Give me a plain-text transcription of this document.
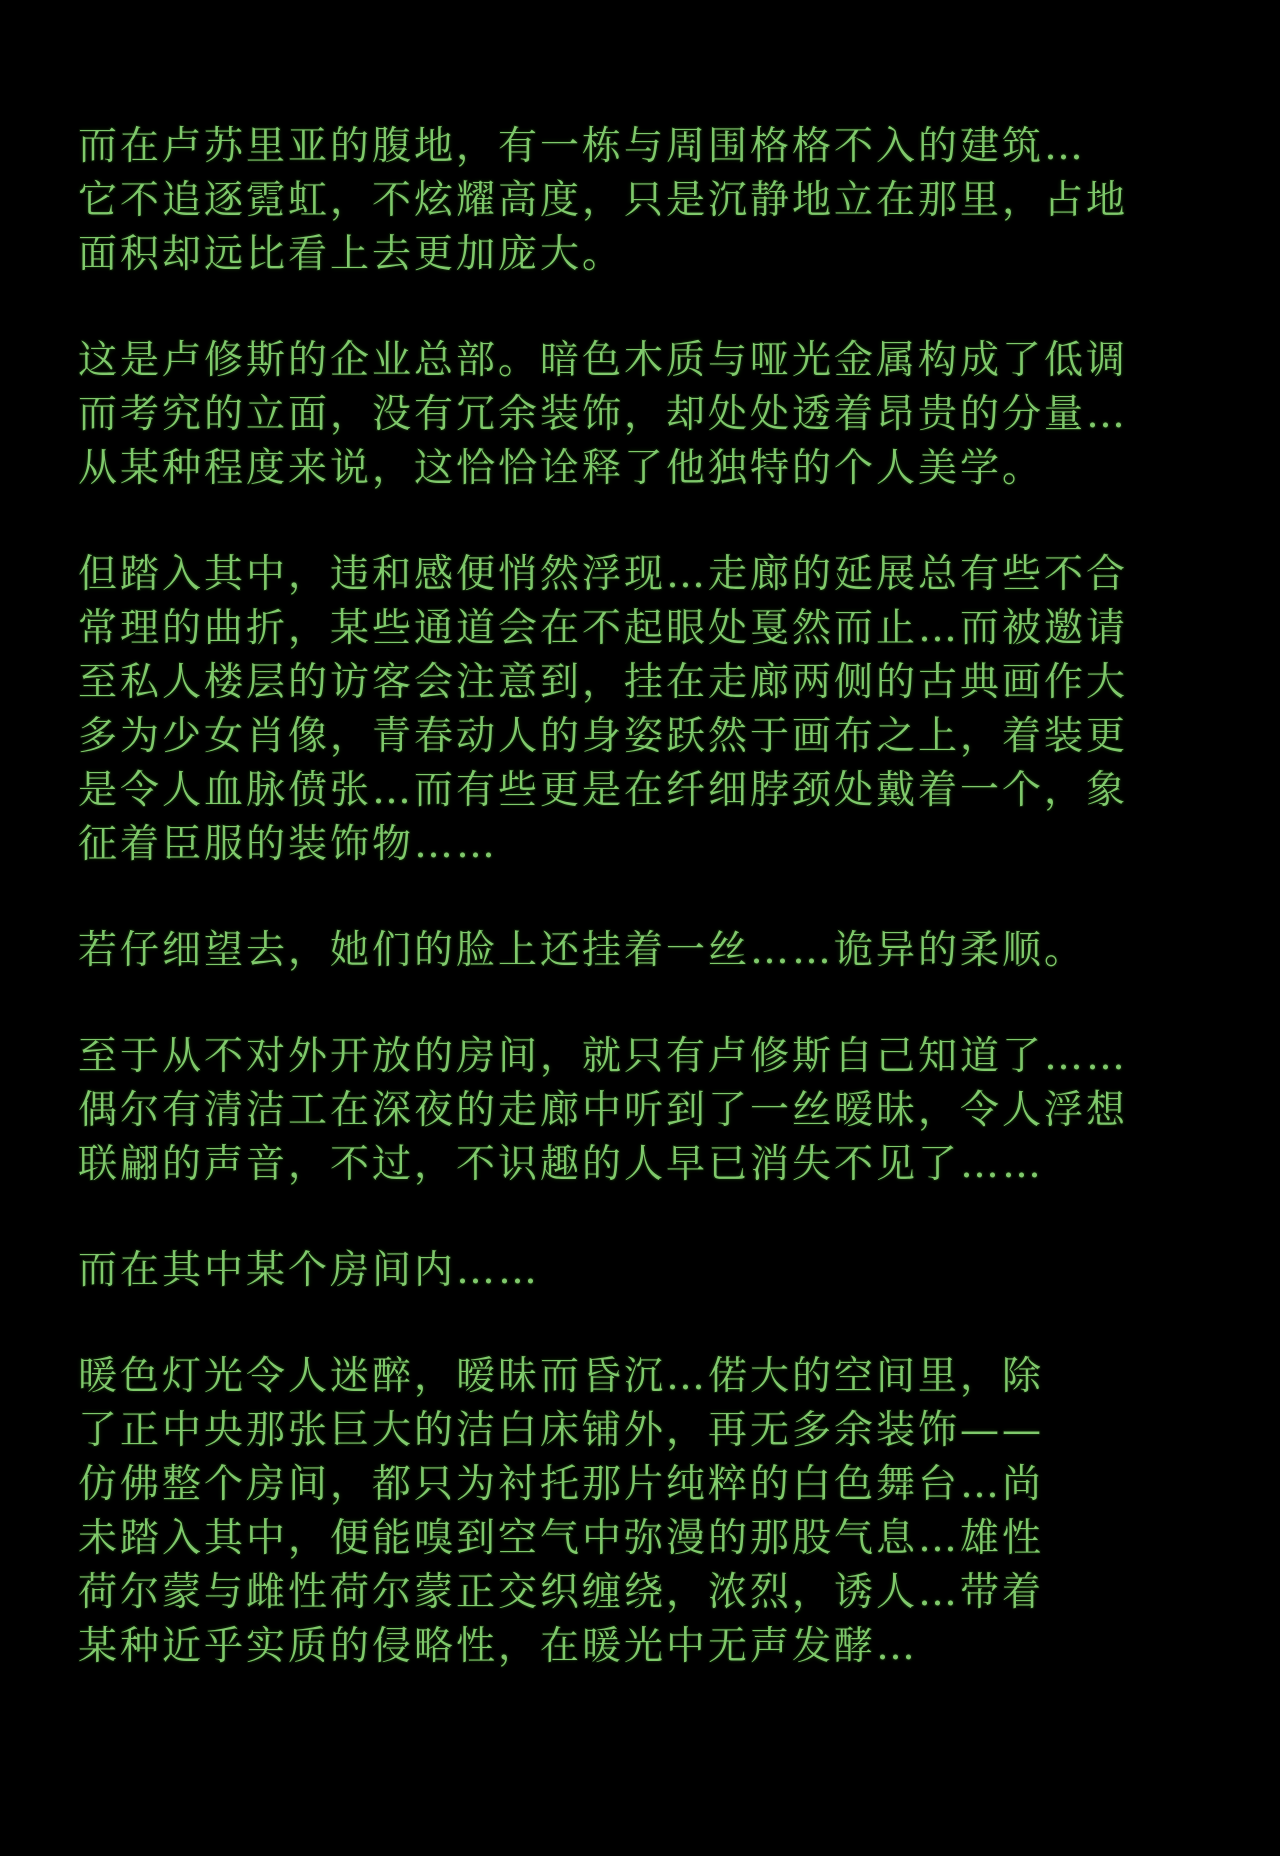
而在卢苏里亚的腹地，有一栋与周围格格不入的建筑…
它不追逐霓虹，不炫耀高度，只是沉静地立在那里，占地
面积却远比看上去更加庞大。
这是卢修斯的企业总部。暗色木质与哑光金属构成了低调
而考究的立面，没有冗余装饰，却处处透着昂贵的分量…
从某种程度来说，这恰恰诠释了他独特的个人美学。
但踏入其中，违和感便悄然浮现…走廊的延展总有些不合
常理的曲折，某些通道会在不起眼处戛然而止…而被邀请
至私人楼层的访客会注意到，挂在走廊两侧的古典画作大
多为少女肖像，青春动人的身姿跃然于画布之上，着装更
是令人血脉偾张…而有些更是在纤细脖颈处戴着一个，象
征着臣服的装饰物……
若仔细望去，她们的脸上还挂着一丝……诡异的柔顺。
至于从不对外开放的房间，就只有卢修斯自己知道了……
偶尔有清洁工在深夜的走廊中听到了一丝暧昧，令人浮想
联翩的声音，不过，不识趣的人早已消失不见了……
而在其中某个房间内……
暖色灯光令人迷醉，暧昧而昏沉…偌大的空间里，除
了正中央那张巨大的洁白床铺外，再无多余装饰——
仿佛整个房间，都只为衬托那片纯粹的白色舞台…尚
未踏入其中，便能嗅到空气中弥漫的那股气息…雄性
荷尔蒙与雌性荷尔蒙正交织缠绕，浓烈，诱人…带着
某种近乎实质的侵略性，在暖光中无声发酵…
